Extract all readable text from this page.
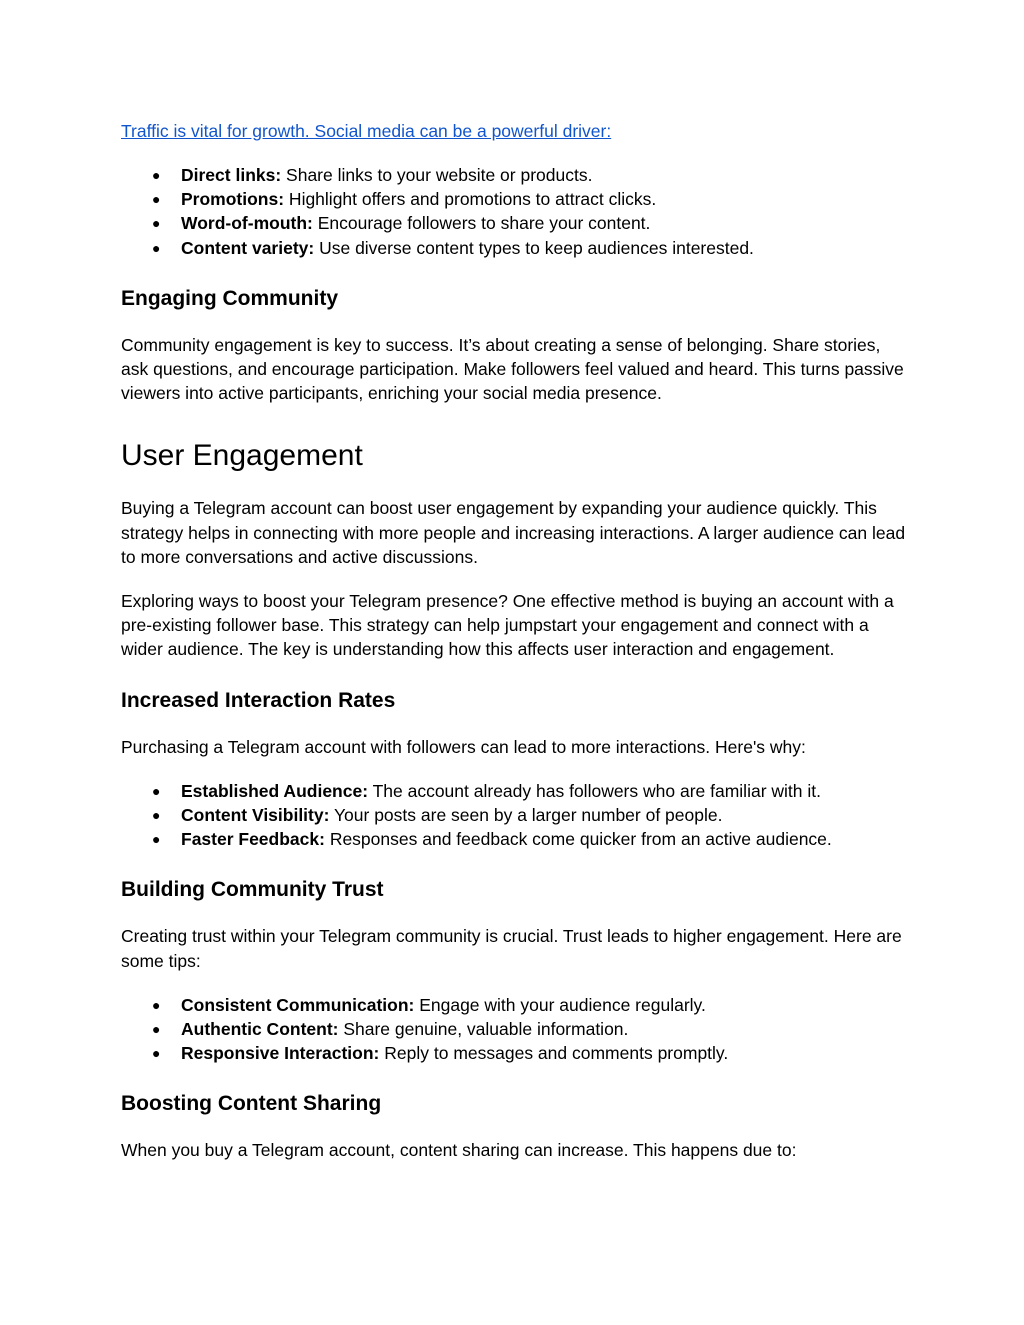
Traffic is vital for growth. Social media can be a powerful driver:
● Direct links: Share links to your website or products.
● Promotions: Highlight offers and promotions to attract clicks.
● Word-of-mouth: Encourage followers to share your content.
● Content variety: Use diverse content types to keep audiences interested.
Engaging Community

Community engagement is key to success. It’s about creating a sense of belonging. Share stories, ask questions, and encourage participation. Make followers feel valued and heard. This turns passive viewers into active participants, enriching your social media presence.

User Engagement

Buying a Telegram account can boost user engagement by expanding your audience quickly. This strategy helps in connecting with more people and increasing interactions. A larger audience can lead to more conversations and active discussions.

Exploring ways to boost your Telegram presence? One effective method is buying an account with a pre-existing follower base. This strategy can help jumpstart your engagement and connect with a wider audience. The key is understanding how this affects user interaction and engagement.

Increased Interaction Rates

Purchasing a Telegram account with followers can lead to more interactions. Here's why:

● Established Audience: The account already has followers who are familiar with it.
● Content Visibility: Your posts are seen by a larger number of people.
● Faster Feedback: Responses and feedback come quicker from an active audience.
Building Community Trust

Creating trust within your Telegram community is crucial. Trust leads to higher engagement. Here are some tips:

● Consistent Communication: Engage with your audience regularly.
● Authentic Content: Share genuine, valuable information.
● Responsive Interaction: Reply to messages and comments promptly.
Boosting Content Sharing

When you buy a Telegram account, content sharing can increase. This happens due to:
